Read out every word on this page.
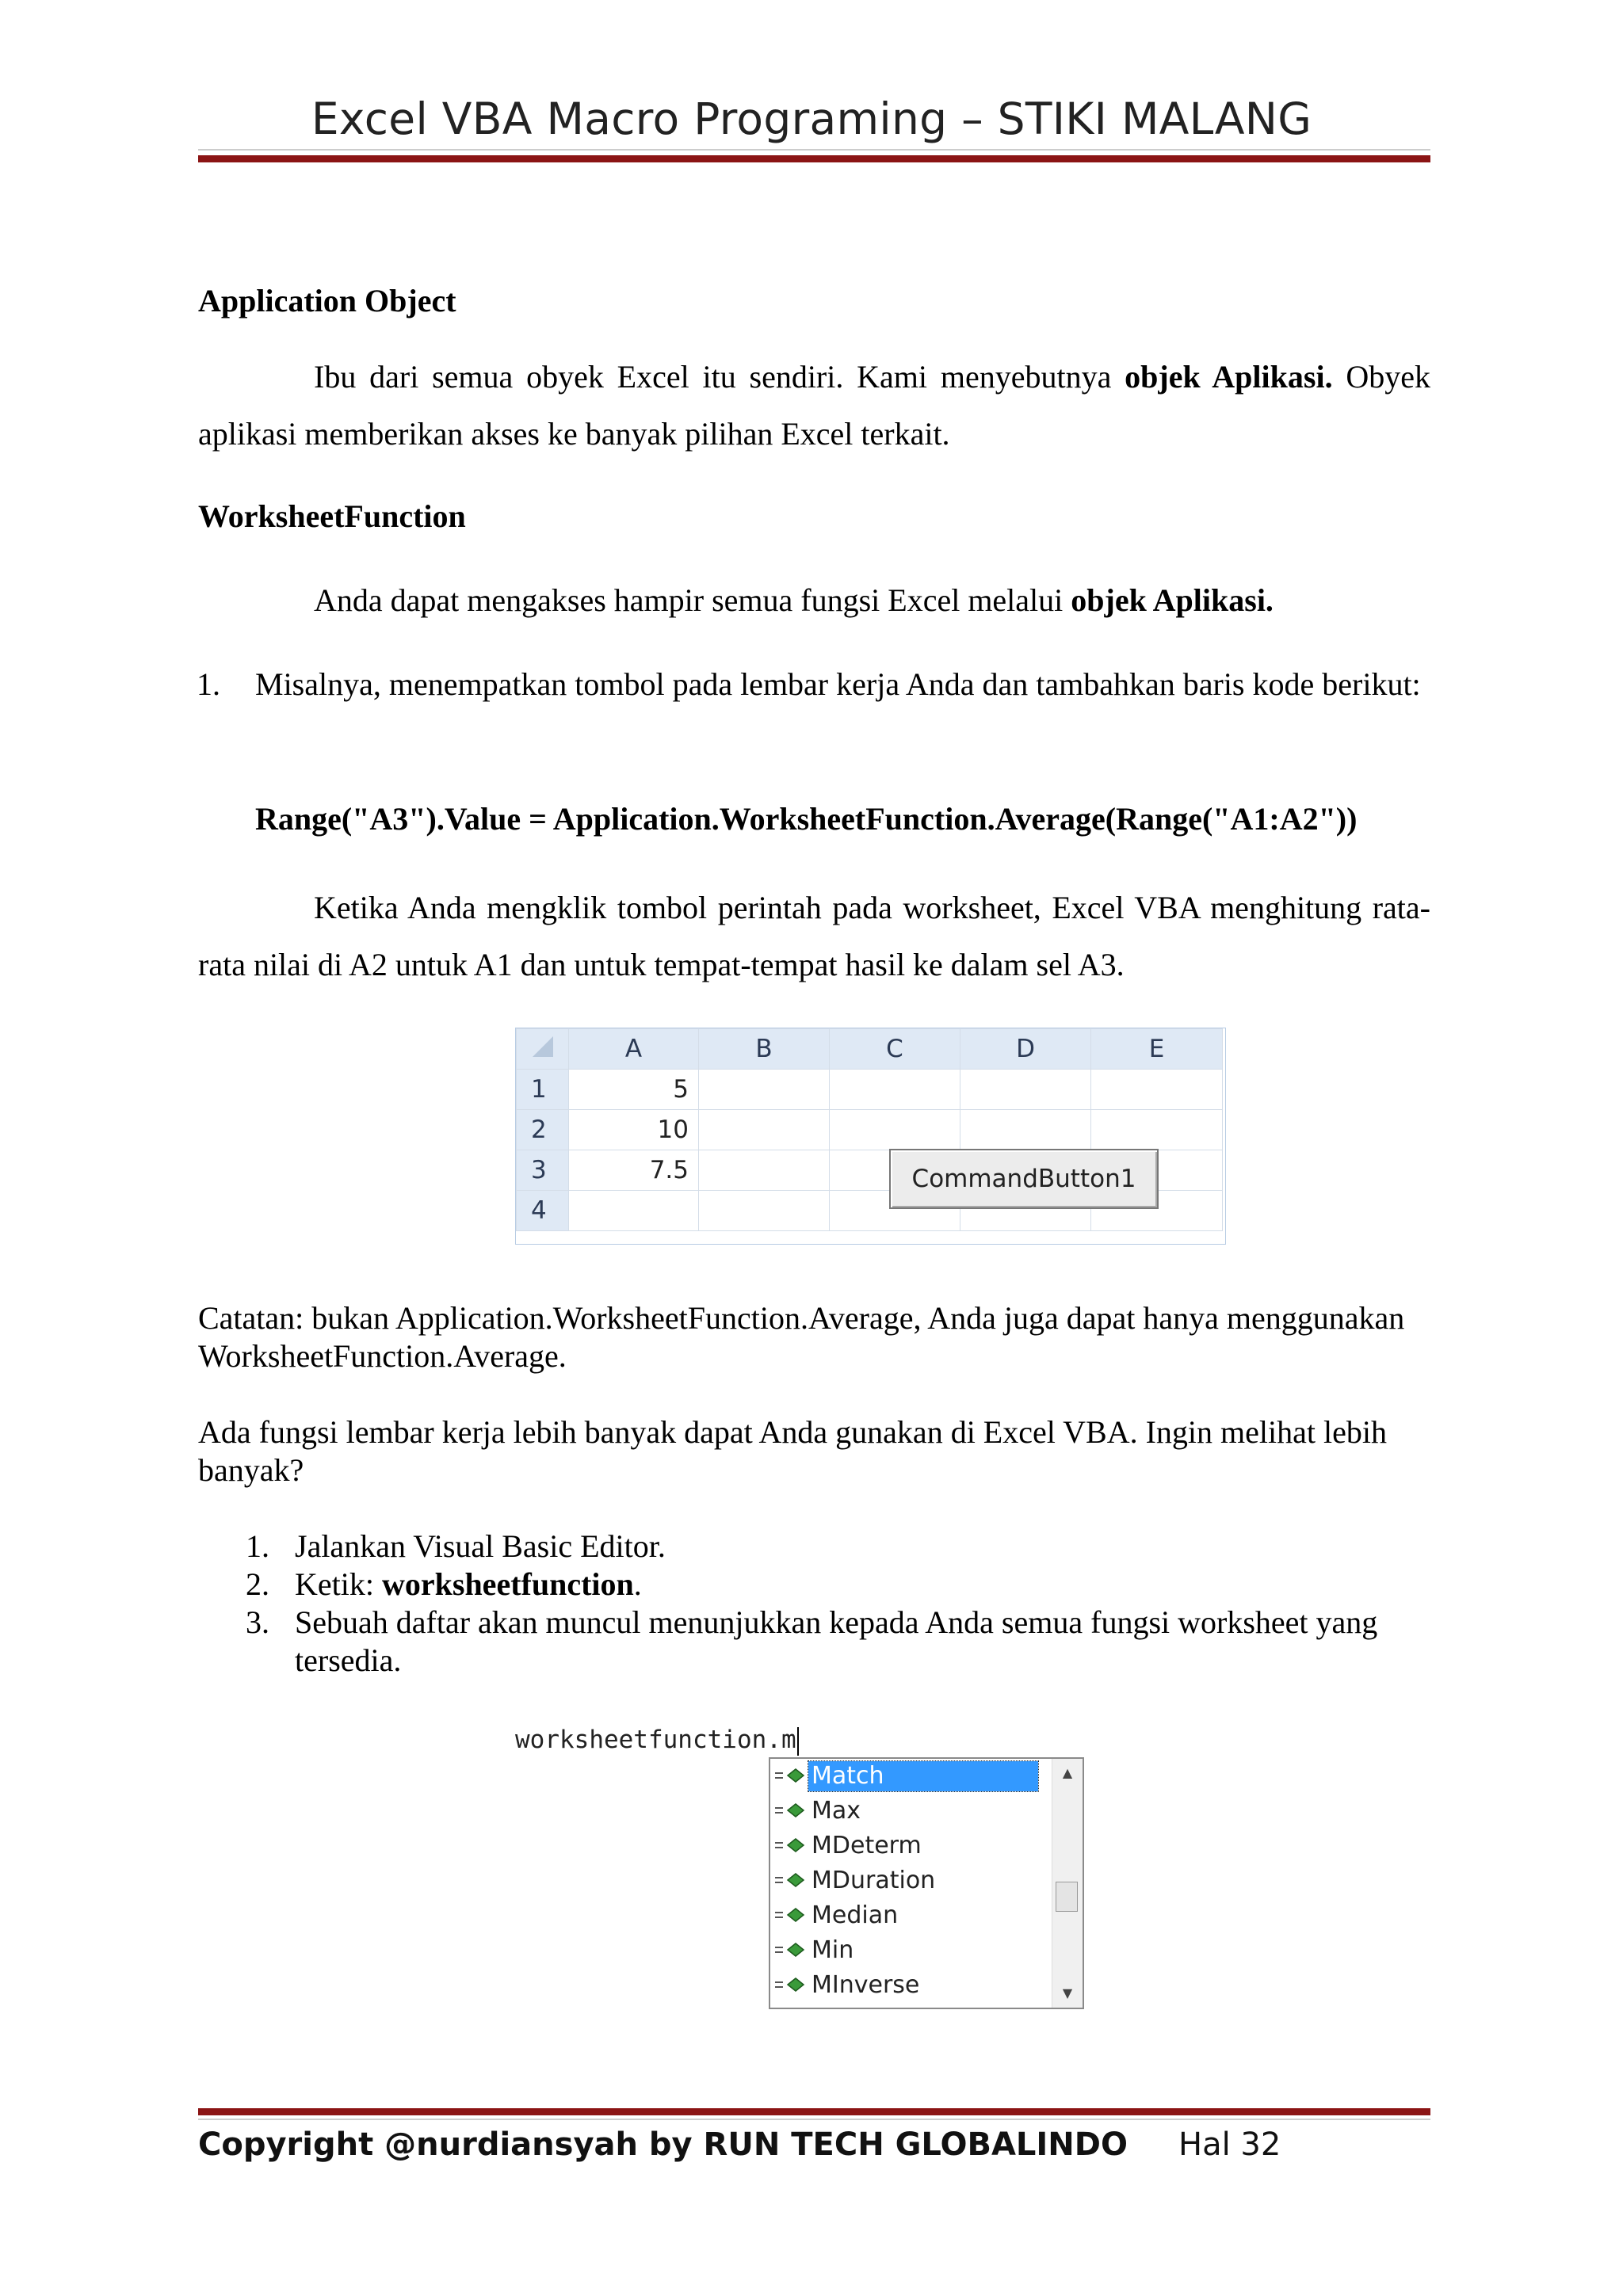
Excel VBA Macro Programing – STIKI MALANG
Application Object
Ibu dari semua obyek Excel itu sendiri. Kami menyebutnya objek Aplikasi. Obyek aplikasi memberikan akses ke banyak pilihan Excel terkait.
WorksheetFunction
Anda dapat mengakses hampir semua fungsi Excel melalui objek Aplikasi.
1. Misalnya, menempatkan tombol pada lembar kerja Anda dan tambahkan baris kode berikut:
Range("A3").Value = Application.WorksheetFunction.Average(Range("A1:A2"))
Ketika Anda mengklik tombol perintah pada worksheet, Excel VBA menghitung rata-rata nilai di A2 untuk A1 dan untuk tempat-tempat hasil ke dalam sel A3.
	A	B	C	D	E
1	5				
2	10				
3	7.5				
4					
CommandButton1
Catatan: bukan Application.WorksheetFunction.Average, Anda juga dapat hanya menggunakan WorksheetFunction.Average.
Ada fungsi lembar kerja lebih banyak dapat Anda gunakan di Excel VBA. Ingin melihat lebih banyak?
1. Jalankan Visual Basic Editor.
2. Ketik: worksheetfunction.
3. Sebuah daftar akan muncul menunjukkan kepada Anda semua fungsi worksheet yang tersedia.
worksheetfunction.m
Match
Max
MDeterm
MDuration
Median
Min
MInverse
▲
▼
Copyright @nurdiansyah by RUN TECH GLOBALINDO Hal 32
